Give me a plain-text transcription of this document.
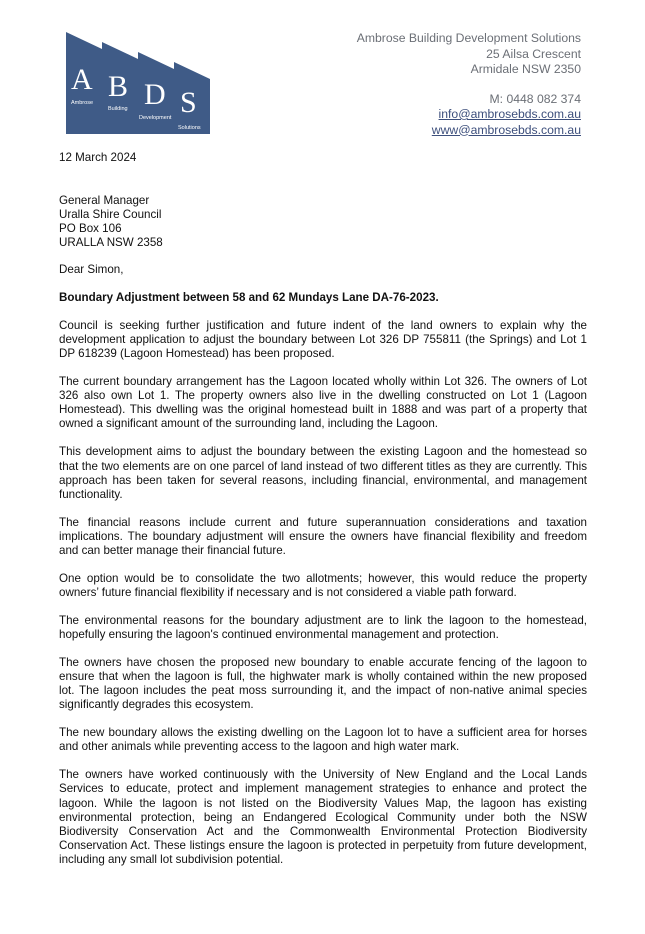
A
Ambrose B
Building D
Development S
Solutions
Ambrose Building Development Solutions
25 Ailsa Crescent
Armidale NSW 2350
M: 0448 082 374
info@ambrosebds.com.au
www@ambrosebds.com.au
12 March 2024
General Manager
Uralla Shire Council
PO Box 106
URALLA NSW 2358
Dear Simon,
Boundary Adjustment between 58 and 62 Mundays Lane DA-76-2023.

Council is seeking further justification and future indent of the land owners to explain why the development application to adjust the boundary between Lot 326 DP 755811 (the Springs) and Lot 1 DP 618239 (Lagoon Homestead) has been proposed.

The current boundary arrangement has the Lagoon located wholly within Lot 326. The owners of Lot 326 also own Lot 1. The property owners also live in the dwelling constructed on Lot 1 (Lagoon Homestead). This dwelling was the original homestead built in 1888 and was part of a property that owned a significant amount of the surrounding land, including the Lagoon.

This development aims to adjust the boundary between the existing Lagoon and the homestead so that the two elements are on one parcel of land instead of two different titles as they are currently. This approach has been taken for several reasons, including financial, environmental, and management functionality.

The financial reasons include current and future superannuation considerations and taxation implications. The boundary adjustment will ensure the owners have financial flexibility and freedom and can better manage their financial future.

One option would be to consolidate the two allotments; however, this would reduce the property owners’ future financial flexibility if necessary and is not considered a viable path forward.

The environmental reasons for the boundary adjustment are to link the lagoon to the homestead, hopefully ensuring the lagoon's continued environmental management and protection.

The owners have chosen the proposed new boundary to enable accurate fencing of the lagoon to ensure that when the lagoon is full, the highwater mark is wholly contained within the new proposed lot. The lagoon includes the peat moss surrounding it, and the impact of non-native animal species significantly degrades this ecosystem.

The new boundary allows the existing dwelling on the Lagoon lot to have a sufficient area for horses and other animals while preventing access to the lagoon and high water mark.

The owners have worked continuously with the University of New England and the Local Lands Services to educate, protect and implement management strategies to enhance and protect the lagoon. While the lagoon is not listed on the Biodiversity Values Map, the lagoon has existing environmental protection, being an Endangered Ecological Community under both the NSW Biodiversity Conservation Act and the Commonwealth Environmental Protection Biodiversity Conservation Act. These listings ensure the lagoon is protected in perpetuity from future development, including any small lot subdivision potential.
